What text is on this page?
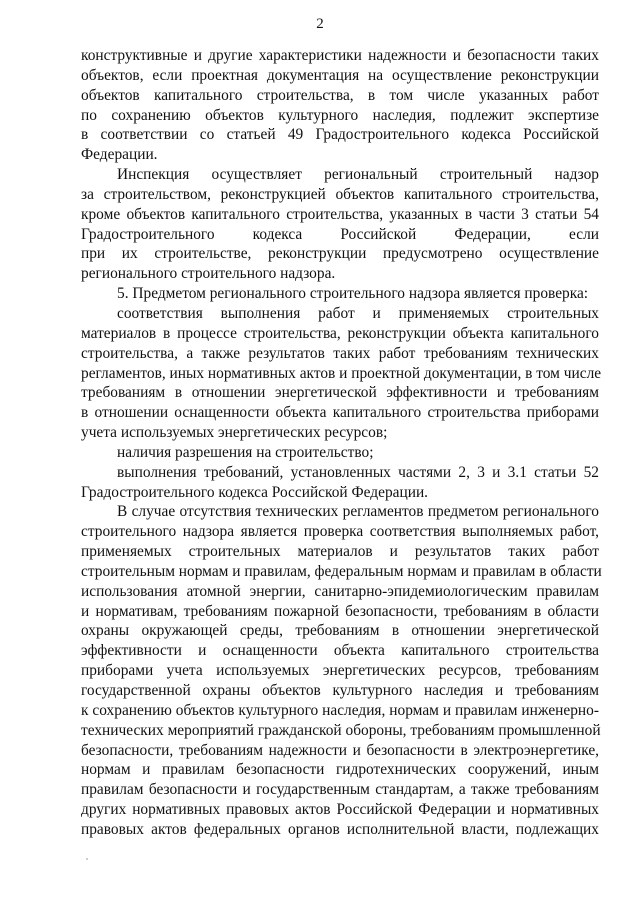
2
конструктивные и другие характеристики надежности и безопасности таких
объектов, если проектная документация на осуществление реконструкции
объектов капитального строительства, в том числе указанных работ
по сохранению объектов культурного наследия, подлежит экспертизе
в соответствии со статьей 49 Градостроительного кодекса Российской
Федерации.
Инспекция осуществляет региональный строительный надзор
за строительством, реконструкцией объектов капитального строительства,
кроме объектов капитального строительства, указанных в части 3 статьи 54
Градостроительного кодекса Российской Федерации, если
при их строительстве, реконструкции предусмотрено осуществление
регионального строительного надзора.
5. Предметом регионального строительного надзора является проверка:
соответствия выполнения работ и применяемых строительных
материалов в процессе строительства, реконструкции объекта капитального
строительства, а также результатов таких работ требованиям технических
регламентов, иных нормативных актов и проектной документации, в том числе
требованиям в отношении энергетической эффективности и требованиям
в отношении оснащенности объекта капитального строительства приборами
учета используемых энергетических ресурсов;
наличия разрешения на строительство;
выполнения требований, установленных частями 2, 3 и 3.1 статьи 52
Градостроительного кодекса Российской Федерации.
В случае отсутствия технических регламентов предметом регионального
строительного надзора является проверка соответствия выполняемых работ,
применяемых строительных материалов и результатов таких работ
строительным нормам и правилам, федеральным нормам и правилам в области
использования атомной энергии, санитарно-эпидемиологическим правилам
и нормативам, требованиям пожарной безопасности, требованиям в области
охраны окружающей среды, требованиям в отношении энергетической
эффективности и оснащенности объекта капитального строительства
приборами учета используемых энергетических ресурсов, требованиям
государственной охраны объектов культурного наследия и требованиям
к сохранению объектов культурного наследия, нормам и правилам инженерно-
технических мероприятий гражданской обороны, требованиям промышленной
безопасности, требованиям надежности и безопасности в электроэнергетике,
нормам и правилам безопасности гидротехнических сооружений, иным
правилам безопасности и государственным стандартам, а также требованиям
других нормативных правовых актов Российской Федерации и нормативных
правовых актов федеральных органов исполнительной власти, подлежащих
